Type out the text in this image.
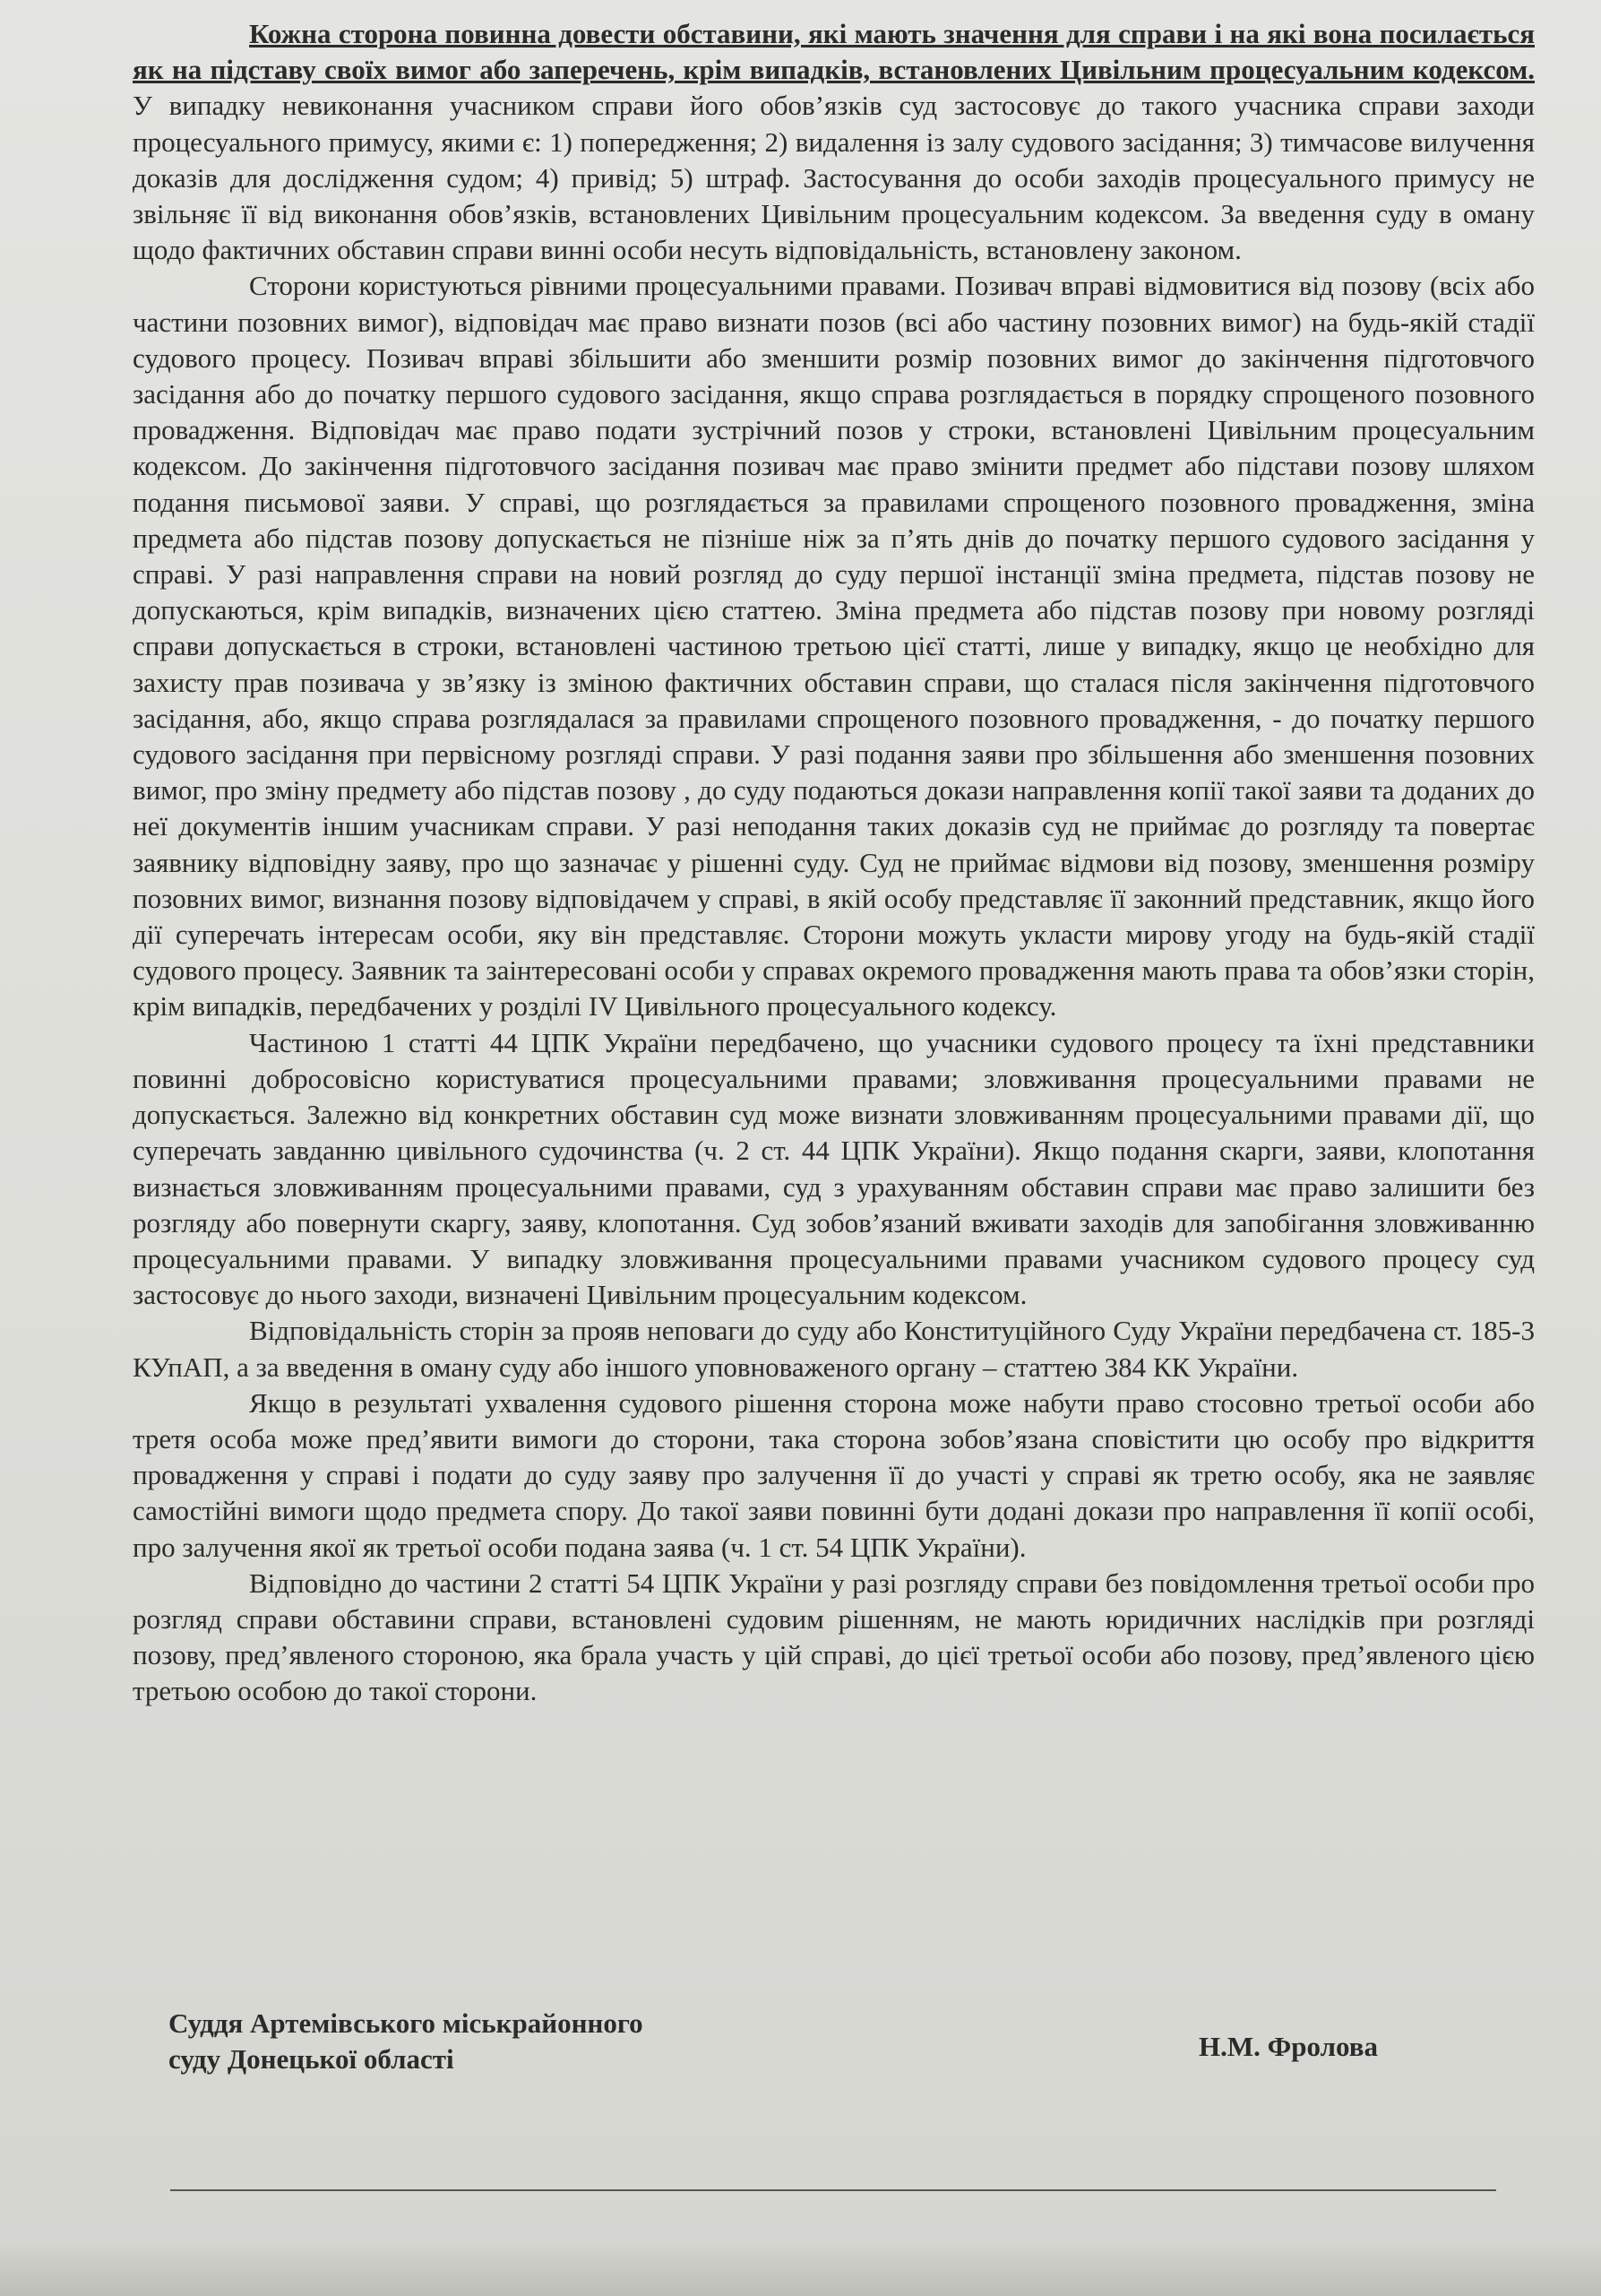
Кожна сторона повинна довести обставини, які мають значення для справи і на які вона посилається як на підставу своїх вимог або заперечень, крім випадків, встановлених Цивільним процесуальним кодексом. У випадку невиконання учасником справи його обов’язків суд застосовує до такого учасника справи заходи процесуального примусу, якими є: 1) попередження; 2) видалення із залу судового засідання; 3) тимчасове вилучення доказів для дослідження судом; 4) привід; 5) штраф. Застосування до особи заходів процесуального примусу не звільняє її від виконання обов’язків, встановлених Цивільним процесуальним кодексом. За введення суду в оману щодо фактичних обставин справи винні особи несуть відповідальність, встановлену законом.

Сторони користуються рівними процесуальними правами. Позивач вправі відмовитися від позову (всіх або частини позовних вимог), відповідач має право визнати позов (всі або частину позовних вимог) на будь-якій стадії судового процесу. Позивач вправі збільшити або зменшити розмір позовних вимог до закінчення підготовчого засідання або до початку першого судового засідання, якщо справа розглядається в порядку спрощеного позовного провадження. Відповідач має право подати зустрічний позов у строки, встановлені Цивільним процесуальним кодексом. До закінчення підготовчого засідання позивач має право змінити предмет або підстави позову шляхом подання письмової заяви. У справі, що розглядається за правилами спрощеного позовного провадження, зміна предмета або підстав позову допускається не пізніше ніж за п’ять днів до початку першого судового засідання у справі. У разі направлення справи на новий розгляд до суду першої інстанції зміна предмета, підстав позову не допускаються, крім випадків, визначених цією статтею. Зміна предмета або підстав позову при новому розгляді справи допускається в строки, встановлені частиною третьою цієї статті, лише у випадку, якщо це необхідно для захисту прав позивача у зв’язку із зміною фактичних обставин справи, що сталася після закінчення підготовчого засідання, або, якщо справа розглядалася за правилами спрощеного позовного провадження, - до початку першого судового засідання при первісному розгляді справи. У разі подання заяви про збільшення або зменшення позовних вимог, про зміну предмету або підстав позову , до суду подаються докази направлення копії такої заяви та доданих до неї документів іншим учасникам справи. У разі неподання таких доказів суд не приймає до розгляду та повертає заявнику відповідну заяву, про що зазначає у рішенні суду. Суд не приймає відмови від позову, зменшення розміру позовних вимог, визнання позову відповідачем у справі, в якій особу представляє її законний представник, якщо його дії суперечать інтересам особи, яку він представляє. Сторони можуть укласти мирову угоду на будь-якій стадії судового процесу. Заявник та заінтересовані особи у справах окремого провадження мають права та обов’язки сторін, крім випадків, передбачених у розділі IV Цивільного процесуального кодексу.

Частиною 1 статті 44 ЦПК України передбачено, що учасники судового процесу та їхні представники повинні добросовісно користуватися процесуальними правами; зловживання процесуальними правами не допускається. Залежно від конкретних обставин суд може визнати зловживанням процесуальними правами дії, що суперечать завданню цивільного судочинства (ч. 2 ст. 44 ЦПК України). Якщо подання скарги, заяви, клопотання визнається зловживанням процесуальними правами, суд з урахуванням обставин справи має право залишити без розгляду або повернути скаргу, заяву, клопотання. Суд зобов’язаний вживати заходів для запобігання зловживанню процесуальними правами. У випадку зловживання процесуальними правами учасником судового процесу суд застосовує до нього заходи, визначені Цивільним процесуальним кодексом.

Відповідальність сторін за прояв неповаги до суду або Конституційного Суду України передбачена ст. 185-3 КУпАП, а за введення в оману суду або іншого уповноваженого органу – статтею 384 КК України.

Якщо в результаті ухвалення судового рішення сторона може набути право стосовно третьої особи або третя особа може пред’явити вимоги до сторони, така сторона зобов’язана сповістити цю особу про відкриття провадження у справі і подати до суду заяву про залучення її до участі у справі як третю особу, яка не заявляє самостійні вимоги щодо предмета спору. До такої заяви повинні бути додані докази про направлення її копії особі, про залучення якої як третьої особи подана заява (ч. 1 ст. 54 ЦПК України).

Відповідно до частини 2 статті 54 ЦПК України у разі розгляду справи без повідомлення третьої особи про розгляд справи обставини справи, встановлені судовим рішенням, не мають юридичних наслідків при розгляді позову, пред’явленого стороною, яка брала участь у цій справі, до цієї третьої особи або позову, пред’явленого цією третьою особою до такої сторони.

Суддя Артемівського міськрайонного
суду Донецької області	Н.М. Фролова
